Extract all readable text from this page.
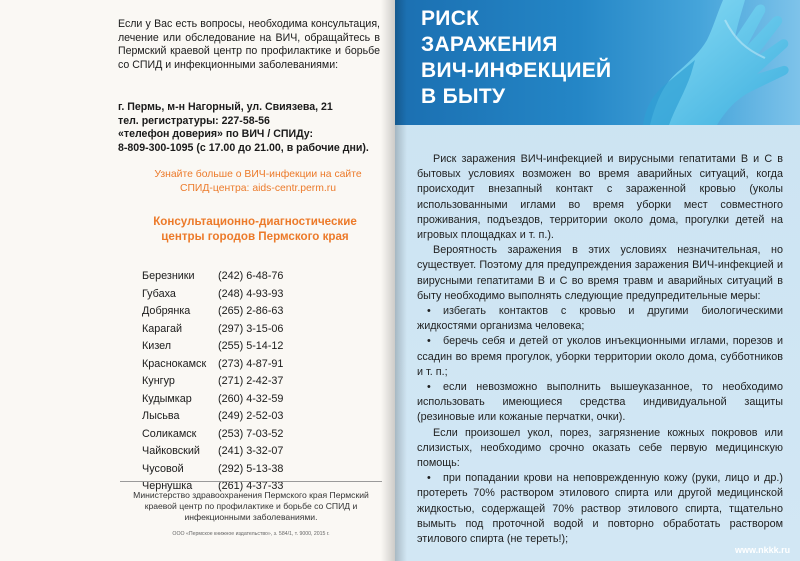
Если у Вас есть вопросы, необходима консультация, лечение или обследование на ВИЧ, обращайтесь в Пермский краевой центр по профилактике и борьбе со СПИД и инфекционными заболеваниями:

г. Пермь, м-н Нагорный, ул. Свиязева, 21
тел. регистратуры: 227-58-56
«телефон доверия» по ВИЧ / СПИДу:
8-809-300-1095 (с 17.00 до 21.00, в рабочие дни).
Узнайте больше о ВИЧ-инфекции на сайте СПИД-центра: aids-centr.perm.ru
Консультационно-диагностические центры городов Пермского края
Березники (242) 6-48-76
Губаха	(248) 4-93-93
Добрянка	(265) 2-86-63
Карагай	(297) 3-15-06
Кизел	(255) 5-14-12
Краснокамск (273) 4-87-91
Кунгур	(271) 2-42-37
Кудымкар (260) 4-32-59
Лысьва	(249) 2-52-03
Соликамск (253) 7-03-52
Чайковский (241) 3-32-07
Чусовой	(292) 5-13-38
Чернушка (261) 4-37-33
Министерство здравоохранения Пермского края Пермский краевой центр по профилактике и борьбе со СПИД и инфекционными заболеваниями.
ООО «Пермское книжное издательство», з. 584/1, т. 9000, 2015 г.
РИСК
ЗАРАЖЕНИЯ
ВИЧ-ИНФЕКЦИЕЙ
В БЫТУ

Риск заражения ВИЧ-инфекцией и вирусными гепатитами В и С в бытовых условиях возможен во время аварийных ситуаций, когда происходит внезапный контакт с зараженной кровью (уколы использованными иглами во время уборки мест совместного проживания, подъездов, территории около дома, прогулки детей на игровых площадках и т. п.).

Вероятность заражения в этих условиях незначительная, но существует. Поэтому для предупреждения заражения ВИЧ-инфекцией и вирусными гепатитами В и С во время травм и аварийных ситуаций в быту необходимо выполнять следующие предупредительные меры:

• избегать контактов с кровью и другими биологическими жидкостями организма человека;

• беречь себя и детей от уколов инъекционными иглами, порезов и ссадин во время прогулок, уборки территории около дома, субботников и т. п.;

• если невозможно выполнить вышеуказанное, то необходимо использовать имеющиеся средства индивидуальной защиты (резиновые или кожаные перчатки, очки).

Если произошел укол, порез, загрязнение кожных покровов или слизистых, необходимо срочно оказать себе первую медицинскую помощь:

• при попадании крови на неповрежденную кожу (руки, лицо и др.) протереть 70% раствором этилового спирта или другой медицинской жидкостью, содержащей 70% раствор этилового спирта, тщательно вымыть под проточной водой и повторно обработать раствором этилового спирта (не тереть!);

www.nkkk.ru
